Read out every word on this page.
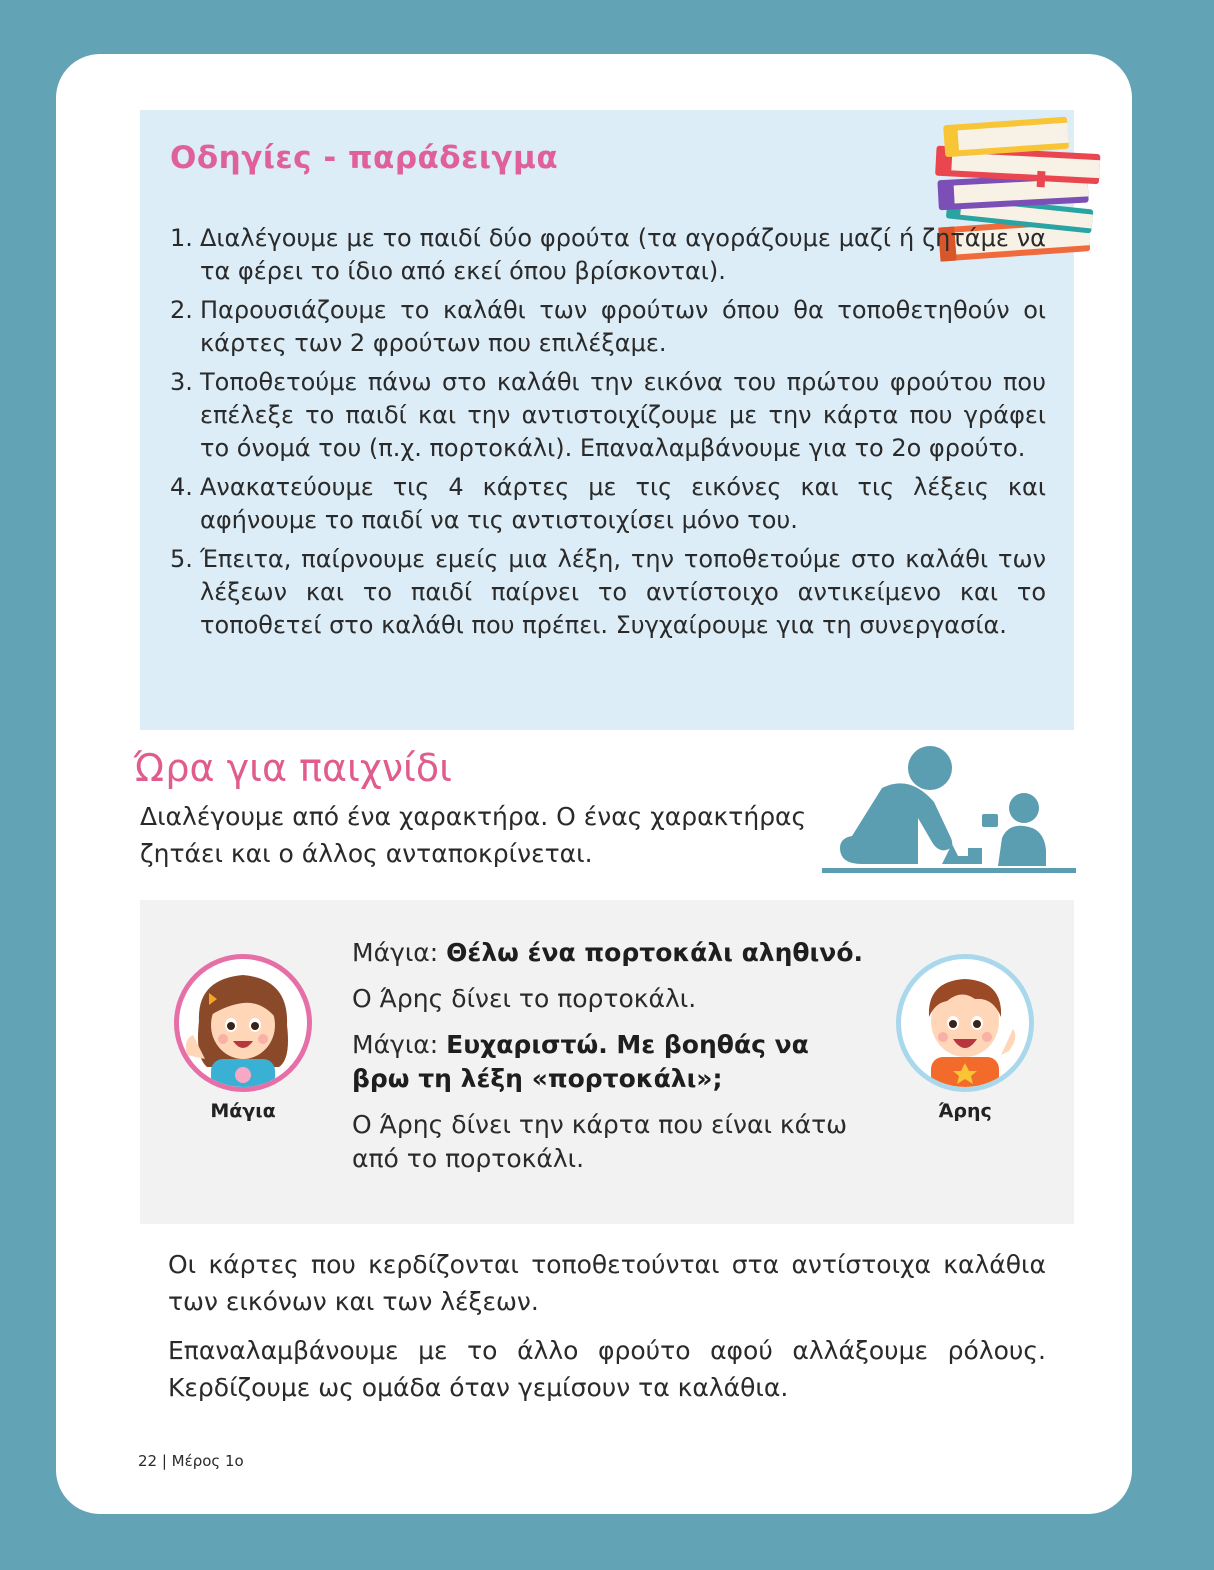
Οδηγίες - παράδειγμα
1. Διαλέγουμε με το παιδί δύο φρούτα (τα αγοράζουμε μαζί ή ζητάμε να τα φέρει το ίδιο από εκεί όπου βρίσκονται).
2. Παρουσιάζουμε το καλάθι των φρούτων όπου θα τοποθετηθούν οι κάρτες των 2 φρούτων που επιλέξαμε.
3. Τοποθετούμε πάνω στο καλάθι την εικόνα του πρώτου φρούτου που επέλεξε το παιδί και την αντιστοιχίζουμε με την κάρτα που γράφει το όνομά του (π.χ. πορτοκάλι). Επαναλαμβάνουμε για το 2ο φρούτο.
4. Ανακατεύουμε τις 4 κάρτες με τις εικόνες και τις λέξεις και αφήνουμε το παιδί να τις αντιστοιχίσει μόνο του.
5. Έπειτα, παίρνουμε εμείς μια λέξη, την τοποθετούμε στο καλάθι των λέξεων και το παιδί παίρνει το αντίστοιχο αντικείμενο και το τοποθετεί στο καλάθι που πρέπει. Συγχαίρουμε για τη συνεργασία.
Ώρα για παιχνίδι

Διαλέγουμε από ένα χαρακτήρα. Ο ένας χαρακτήρας ζητάει και ο άλλος ανταποκρίνεται.

Μάγια

Μάγια: Θέλω ένα πορτοκάλι αληθινό.

Ο Άρης δίνει το πορτοκάλι.

Μάγια: Ευχαριστώ. Με βοηθάς να βρω τη λέξη «πορτοκάλι»;

Ο Άρης δίνει την κάρτα που είναι κάτω από το πορτοκάλι.

Άρης

Οι κάρτες που κερδίζονται τοποθετούνται στα αντίστοιχα καλάθια των εικόνων και των λέξεων.

Επαναλαμβάνουμε με το άλλο φρούτο αφού αλλάξουμε ρόλους. Κερδίζουμε ως ομάδα όταν γεμίσουν τα καλάθια.

22 | Μέρος 1ο
